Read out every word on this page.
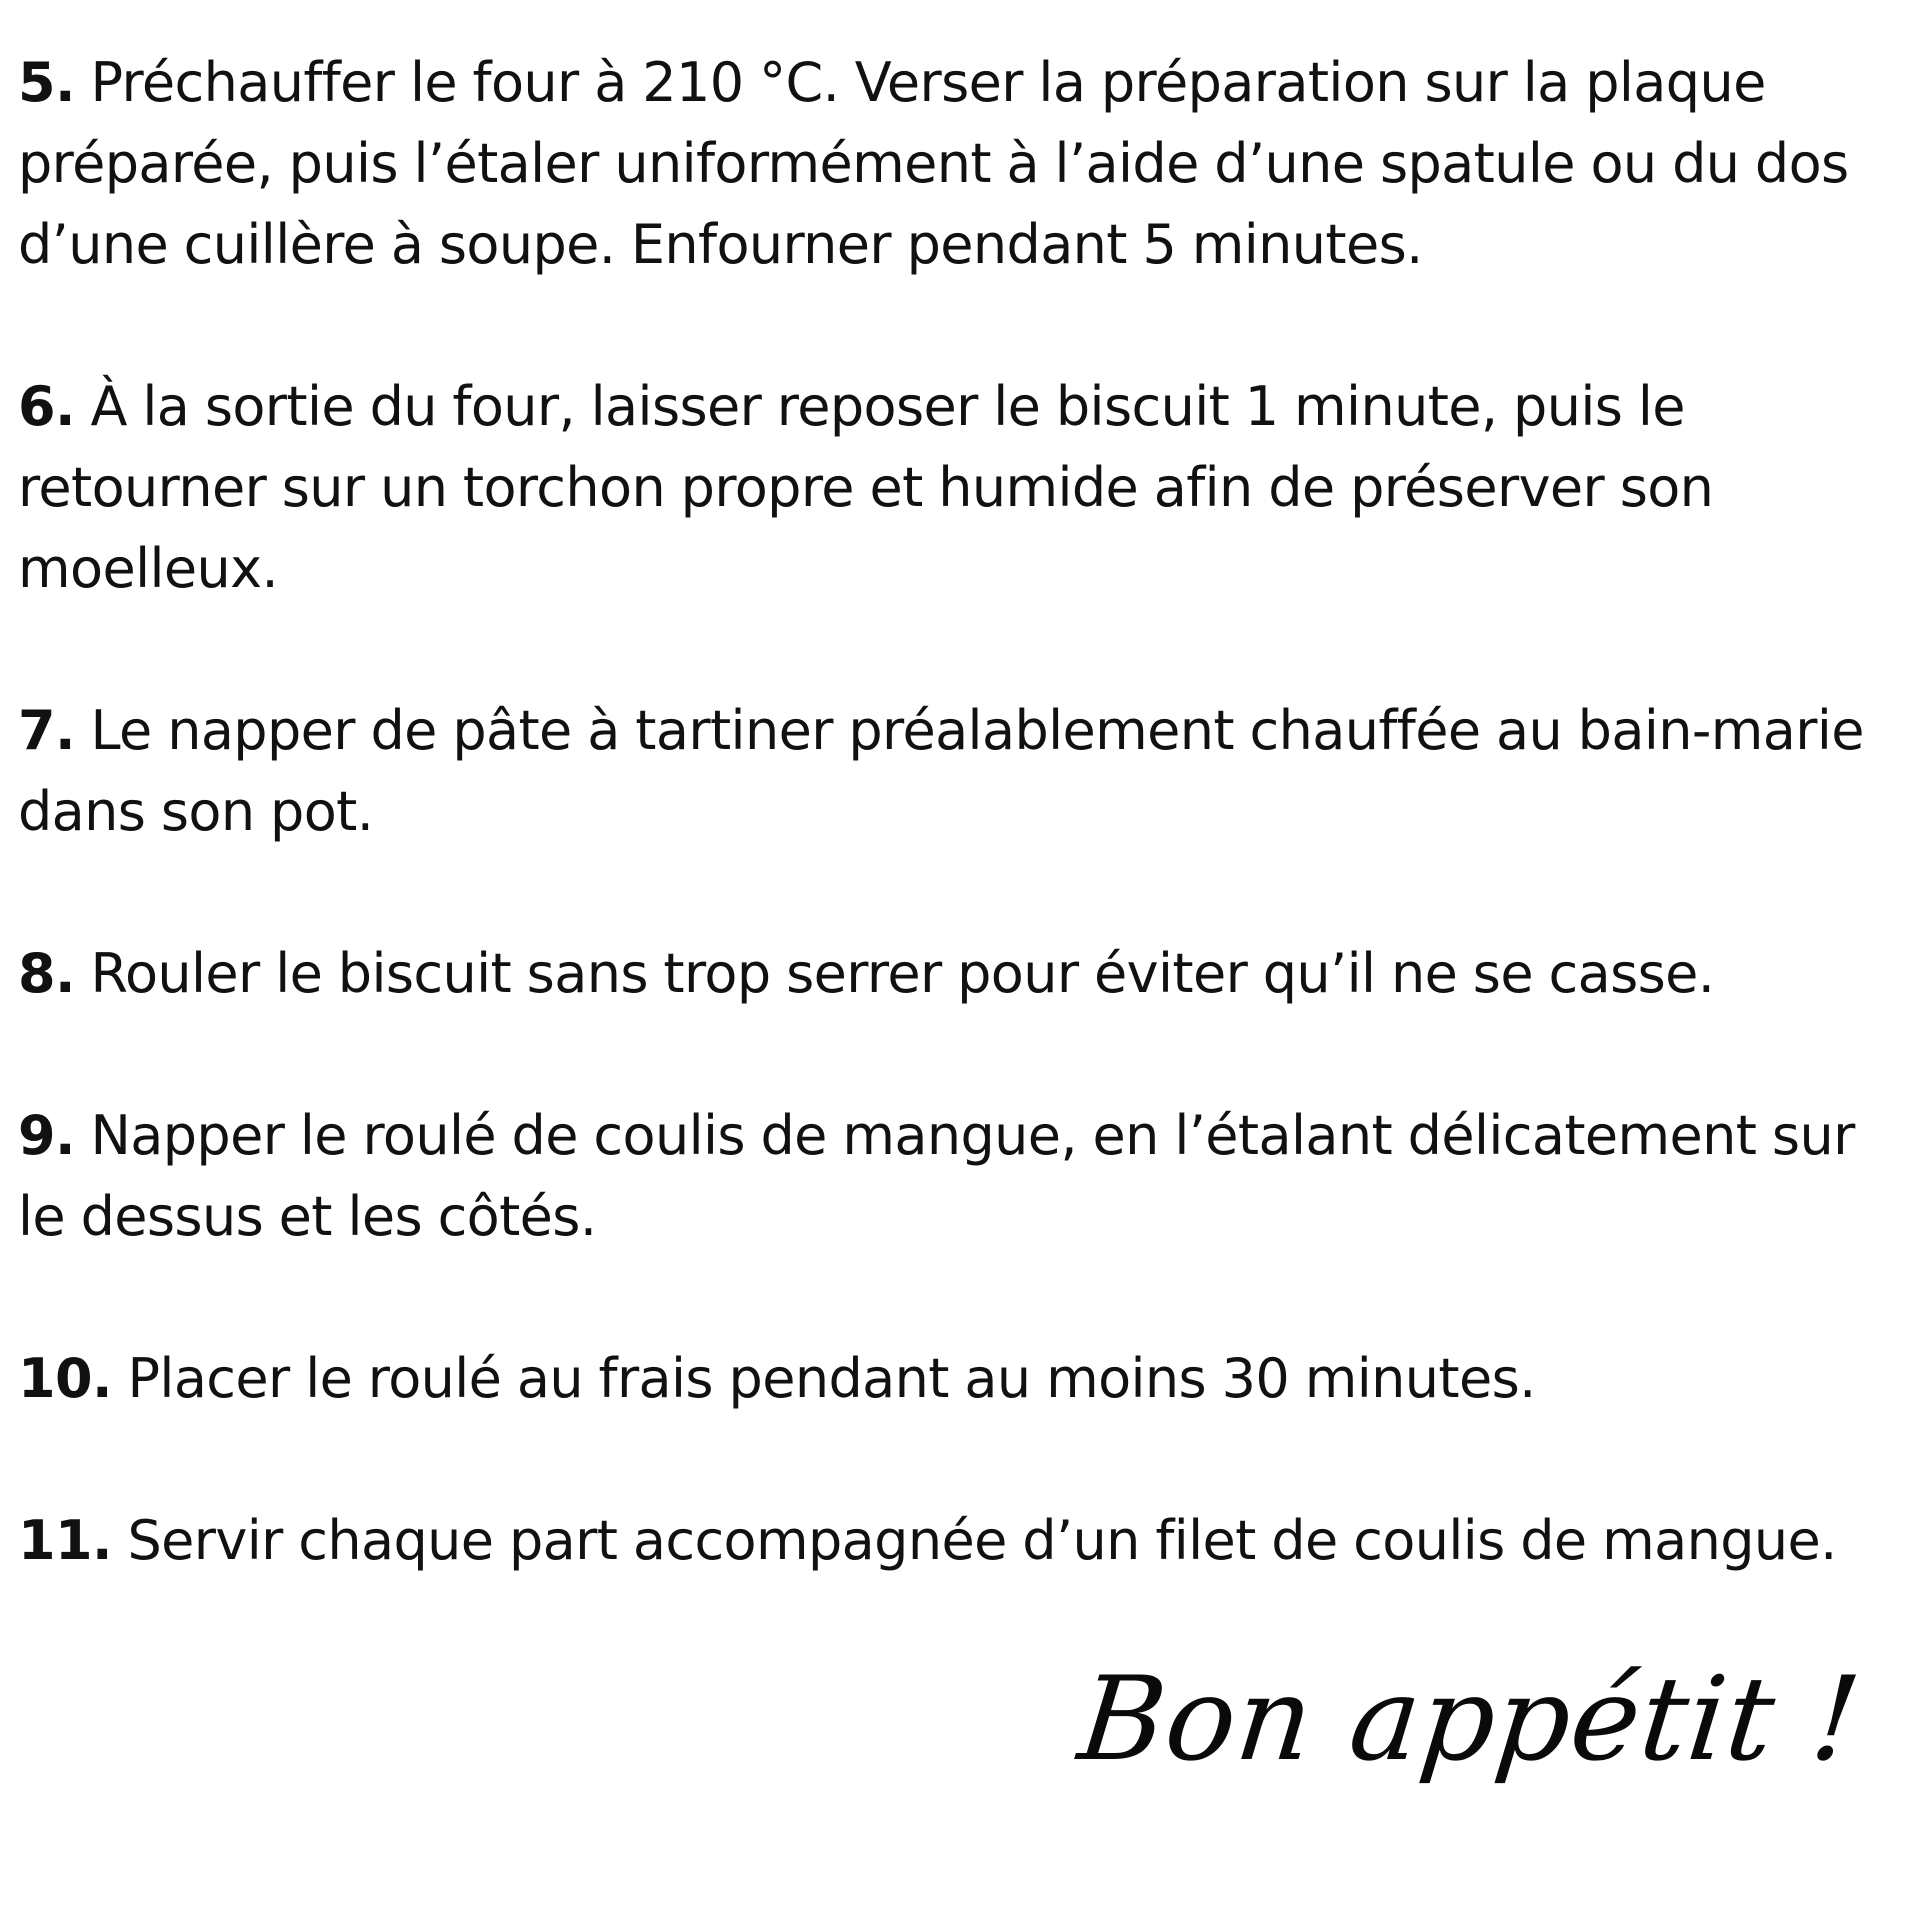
5. Préchauffer le four à 210 °C. Verser la préparation sur la plaque préparée, puis l’étaler uniformément à l’aide d’une spatule ou du dos d’une cuillère à soupe. Enfourner pendant 5 minutes.

6. À la sortie du four, laisser reposer le biscuit 1 minute, puis le retourner sur un torchon propre et humide afin de préserver son moelleux.

7. Le napper de pâte à tartiner préalablement chauffée au bain-marie dans son pot.

8. Rouler le biscuit sans trop serrer pour éviter qu’il ne se casse.

9. Napper le roulé de coulis de mangue, en l’étalant délicatement sur le dessus et les côtés.

10. Placer le roulé au frais pendant au moins 30 minutes.

11. Servir chaque part accompagnée d’un filet de coulis de mangue.

Bon appétit !
